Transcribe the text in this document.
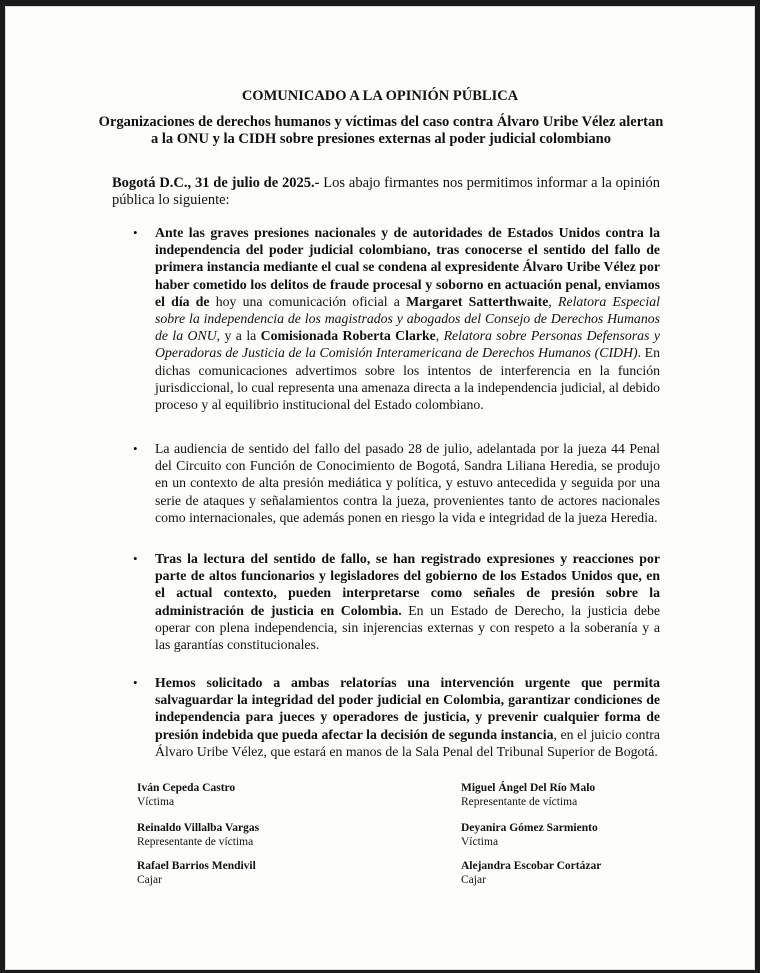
COMUNICADO A LA OPINIÓN PÚBLICA
Organizaciones de derechos humanos y víctimas del caso contra Álvaro Uribe Vélez alertan a la ONU y la CIDH sobre presiones externas al poder judicial colombiano
Bogotá D.C., 31 de julio de 2025.- Los abajo firmantes nos permitimos informar a la opinión pública lo siguiente:
• Ante las graves presiones nacionales y de autoridades de Estados Unidos contra la independencia del poder judicial colombiano, tras conocerse el sentido del fallo de primera instancia mediante el cual se condena al expresidente Álvaro Uribe Vélez por haber cometido los delitos de fraude procesal y soborno en actuación penal, enviamos el día de hoy una comunicación oficial a Margaret Satterthwaite, Relatora Especial sobre la independencia de los magistrados y abogados del Consejo de Derechos Humanos de la ONU, y a la Comisionada Roberta Clarke, Relatora sobre Personas Defensoras y Operadoras de Justicia de la Comisión Interamericana de Derechos Humanos (CIDH). En dichas comunicaciones advertimos sobre los intentos de interferencia en la función jurisdiccional, lo cual representa una amenaza directa a la independencia judicial, al debido proceso y al equilibrio institucional del Estado colombiano.
• La audiencia de sentido del fallo del pasado 28 de julio, adelantada por la jueza 44 Penal del Circuito con Función de Conocimiento de Bogotá, Sandra Liliana Heredia, se produjo en un contexto de alta presión mediática y política, y estuvo antecedida y seguida por una serie de ataques y señalamientos contra la jueza, provenientes tanto de actores nacionales como internacionales, que además ponen en riesgo la vida e integridad de la jueza Heredia.
• Tras la lectura del sentido de fallo, se han registrado expresiones y reacciones por parte de altos funcionarios y legisladores del gobierno de los Estados Unidos que, en el actual contexto, pueden interpretarse como señales de presión sobre la administración de justicia en Colombia. En un Estado de Derecho, la justicia debe operar con plena independencia, sin injerencias externas y con respeto a la soberanía y a las garantías constitucionales.
• Hemos solicitado a ambas relatorías una intervención urgente que permita salvaguardar la integridad del poder judicial en Colombia, garantizar condiciones de independencia para jueces y operadores de justicia, y prevenir cualquier forma de presión indebida que pueda afectar la decisión de segunda instancia, en el juicio contra Álvaro Uribe Vélez, que estará en manos de la Sala Penal del Tribunal Superior de Bogotá.
Iván Cepeda Castro
Víctima
Miguel Ángel Del Río Malo
Representante de víctima
Reinaldo Villalba Vargas
Representante de víctima
Deyanira Gómez Sarmiento
Víctima
Rafael Barrios Mendivil
Cajar
Alejandra Escobar Cortázar
Cajar
